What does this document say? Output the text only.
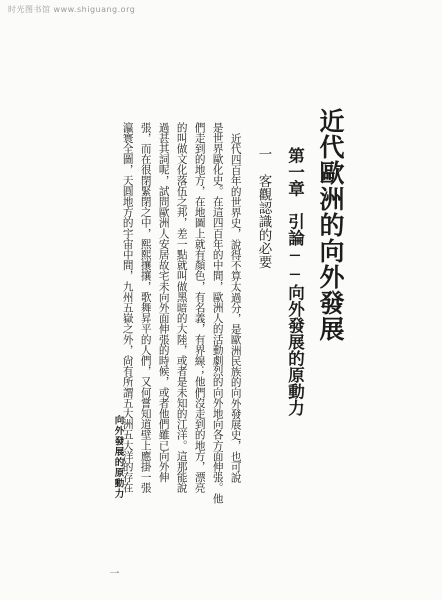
时光图书馆 www.shiguang.org
近代歐洲的向外發展
第一章　引論──向外發展的原動力
一　客觀認識的必要
近代四百年的世界史，說得不算太過分，是歐洲民族的向外發展史，也可說
是世界歐化史。在這四百年的中間，歐洲人的活動劇烈的向外地向各方面伸張。他
們走到的地方，在地圖上就有顏色，有名義，有界線；他們沒走到的地方，漂亮
的叫做文化落伍之邦，差一點就叫做黑暗的大陸，或者是未知的江洋。這那能說
過甚其詞呢，試問歐洲人安居故宅未向外面伸張的時候，或者他們雖已向外伸
張，而在很閉緊閉之中，熙熙攘攘，歌舞昇平的人們，又何嘗知道壁上應掛一張
瀛寰全圖，天圓地方的宇宙中間，九州五嶽之外，尙有所謂五大洲五大洋的存在
向外發展的原動力
一
